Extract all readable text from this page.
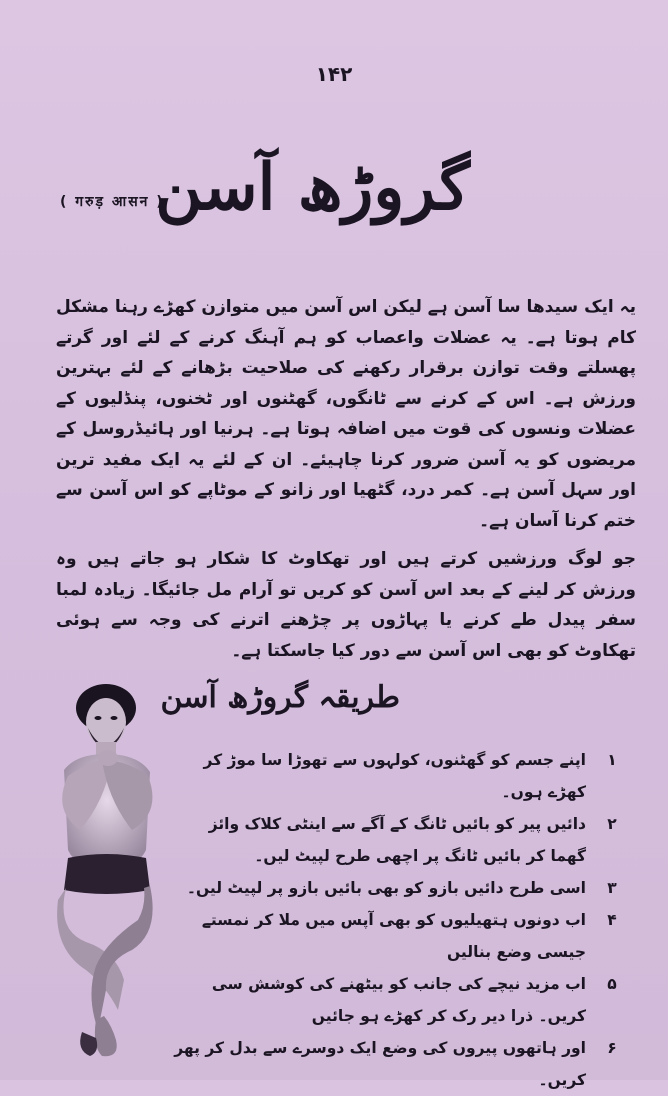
۱۴۲
گروڑھ آسن
( गरुड़ आसन )

یہ ایک سیدھا سا آسن ہے لیکن اس آسن میں متوازن کھڑے رہنا مشکل کام ہوتا ہے۔ یہ عضلات واعصاب کو ہم آہنگ کرنے کے لئے اور گرتے پھسلتے وقت توازن برقرار رکھنے کی صلاحیت بڑھانے کے لئے بہترین ورزش ہے۔ اس کے کرنے سے ٹانگوں، گھٹنوں اور ٹخنوں، پنڈلیوں کے عضلات ونسوں کی قوت میں اضافہ ہوتا ہے۔ ہرنیا اور ہائیڈروسل کے مریضوں کو یہ آسن ضرور کرنا چاہیئے۔ ان کے لئے یہ ایک مفید ترین اور سہل آسن ہے۔ کمر درد، گٹھیا اور زانو کے موٹاپے کو اس آسن سے ختم کرنا آسان ہے۔

جو لوگ ورزشیں کرتے ہیں اور تھکاوٹ کا شکار ہو جاتے ہیں وہ ورزش کر لینے کے بعد اس آسن کو کریں تو آرام مل جائیگا۔ زیادہ لمبا سفر پیدل طے کرنے یا پہاڑوں پر چڑھنے اترنے کی وجہ سے ہوئی تھکاوٹ کو بھی اس آسن سے دور کیا جاسکتا ہے۔

طریقہ گروڑھ آسن
۱
اپنے جسم کو گھٹنوں، کولہوں سے تھوڑا سا موڑ کر کھڑے ہوں۔
۲
دائیں پیر کو بائیں ٹانگ کے آگے سے اینٹی کلاک وائز گھما کر بائیں ٹانگ پر اچھی طرح لپیٹ لیں۔
۳
اسی طرح دائیں بازو کو بھی بائیں بازو پر لپیٹ لیں۔
۴
اب دونوں ہتھیلیوں کو بھی آپس میں ملا کر نمستے جیسی وضع بنالیں
۵
اب مزید نیچے کی جانب کو بیٹھنے کی کوشش سی کریں۔ ذرا دیر رک کر کھڑے ہو جائیں
۶
اور ہاتھوں پیروں کی وضع ایک دوسرے سے بدل کر پھر کریں۔
